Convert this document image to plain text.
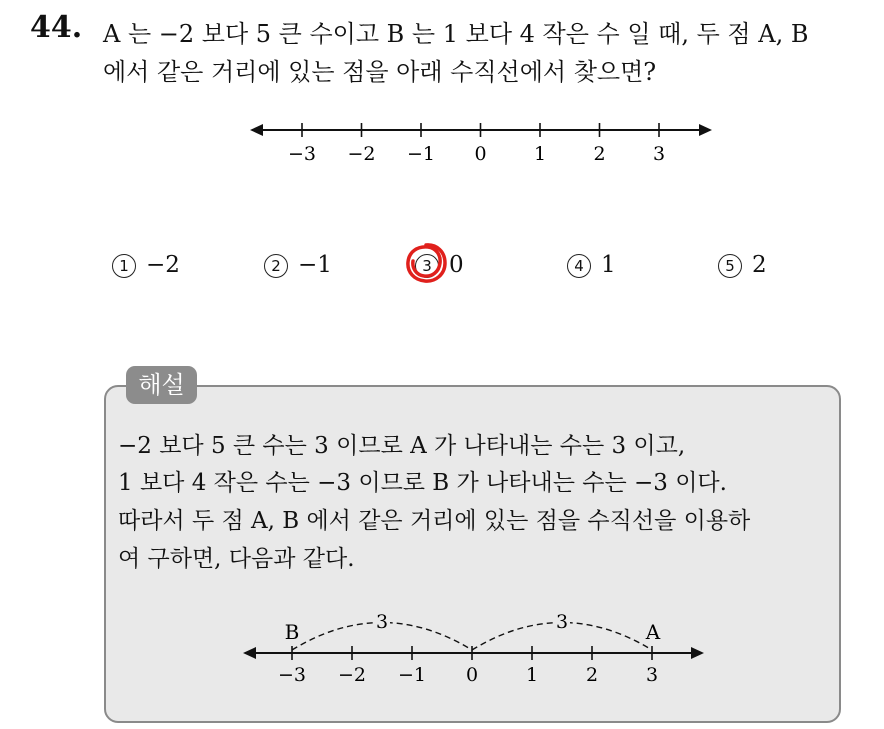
44. A 는 −2 보다 5 큰 수이고 B 는 1 보다 4 작은 수 일 때, 두 점 A, B
에서 같은 거리에 있는 점을 아래 수직선에서 찾으면?
−3 −2 −1 0 1 2 3
1 −2	2 −1	3 0	4 1	5 2
해설
−2 보다 5 큰 수는 3 이므로 A 가 나타내는 수는 3 이고,
1 보다 4 작은 수는 −3 이므로 B 가 나타내는 수는 −3 이다.
따라서 두 점 A, B 에서 같은 거리에 있는 점을 수직선을 이용하
여 구하면, 다음과 같다.
3	3
B	A
−3 −2 −1 0	1	2	3
